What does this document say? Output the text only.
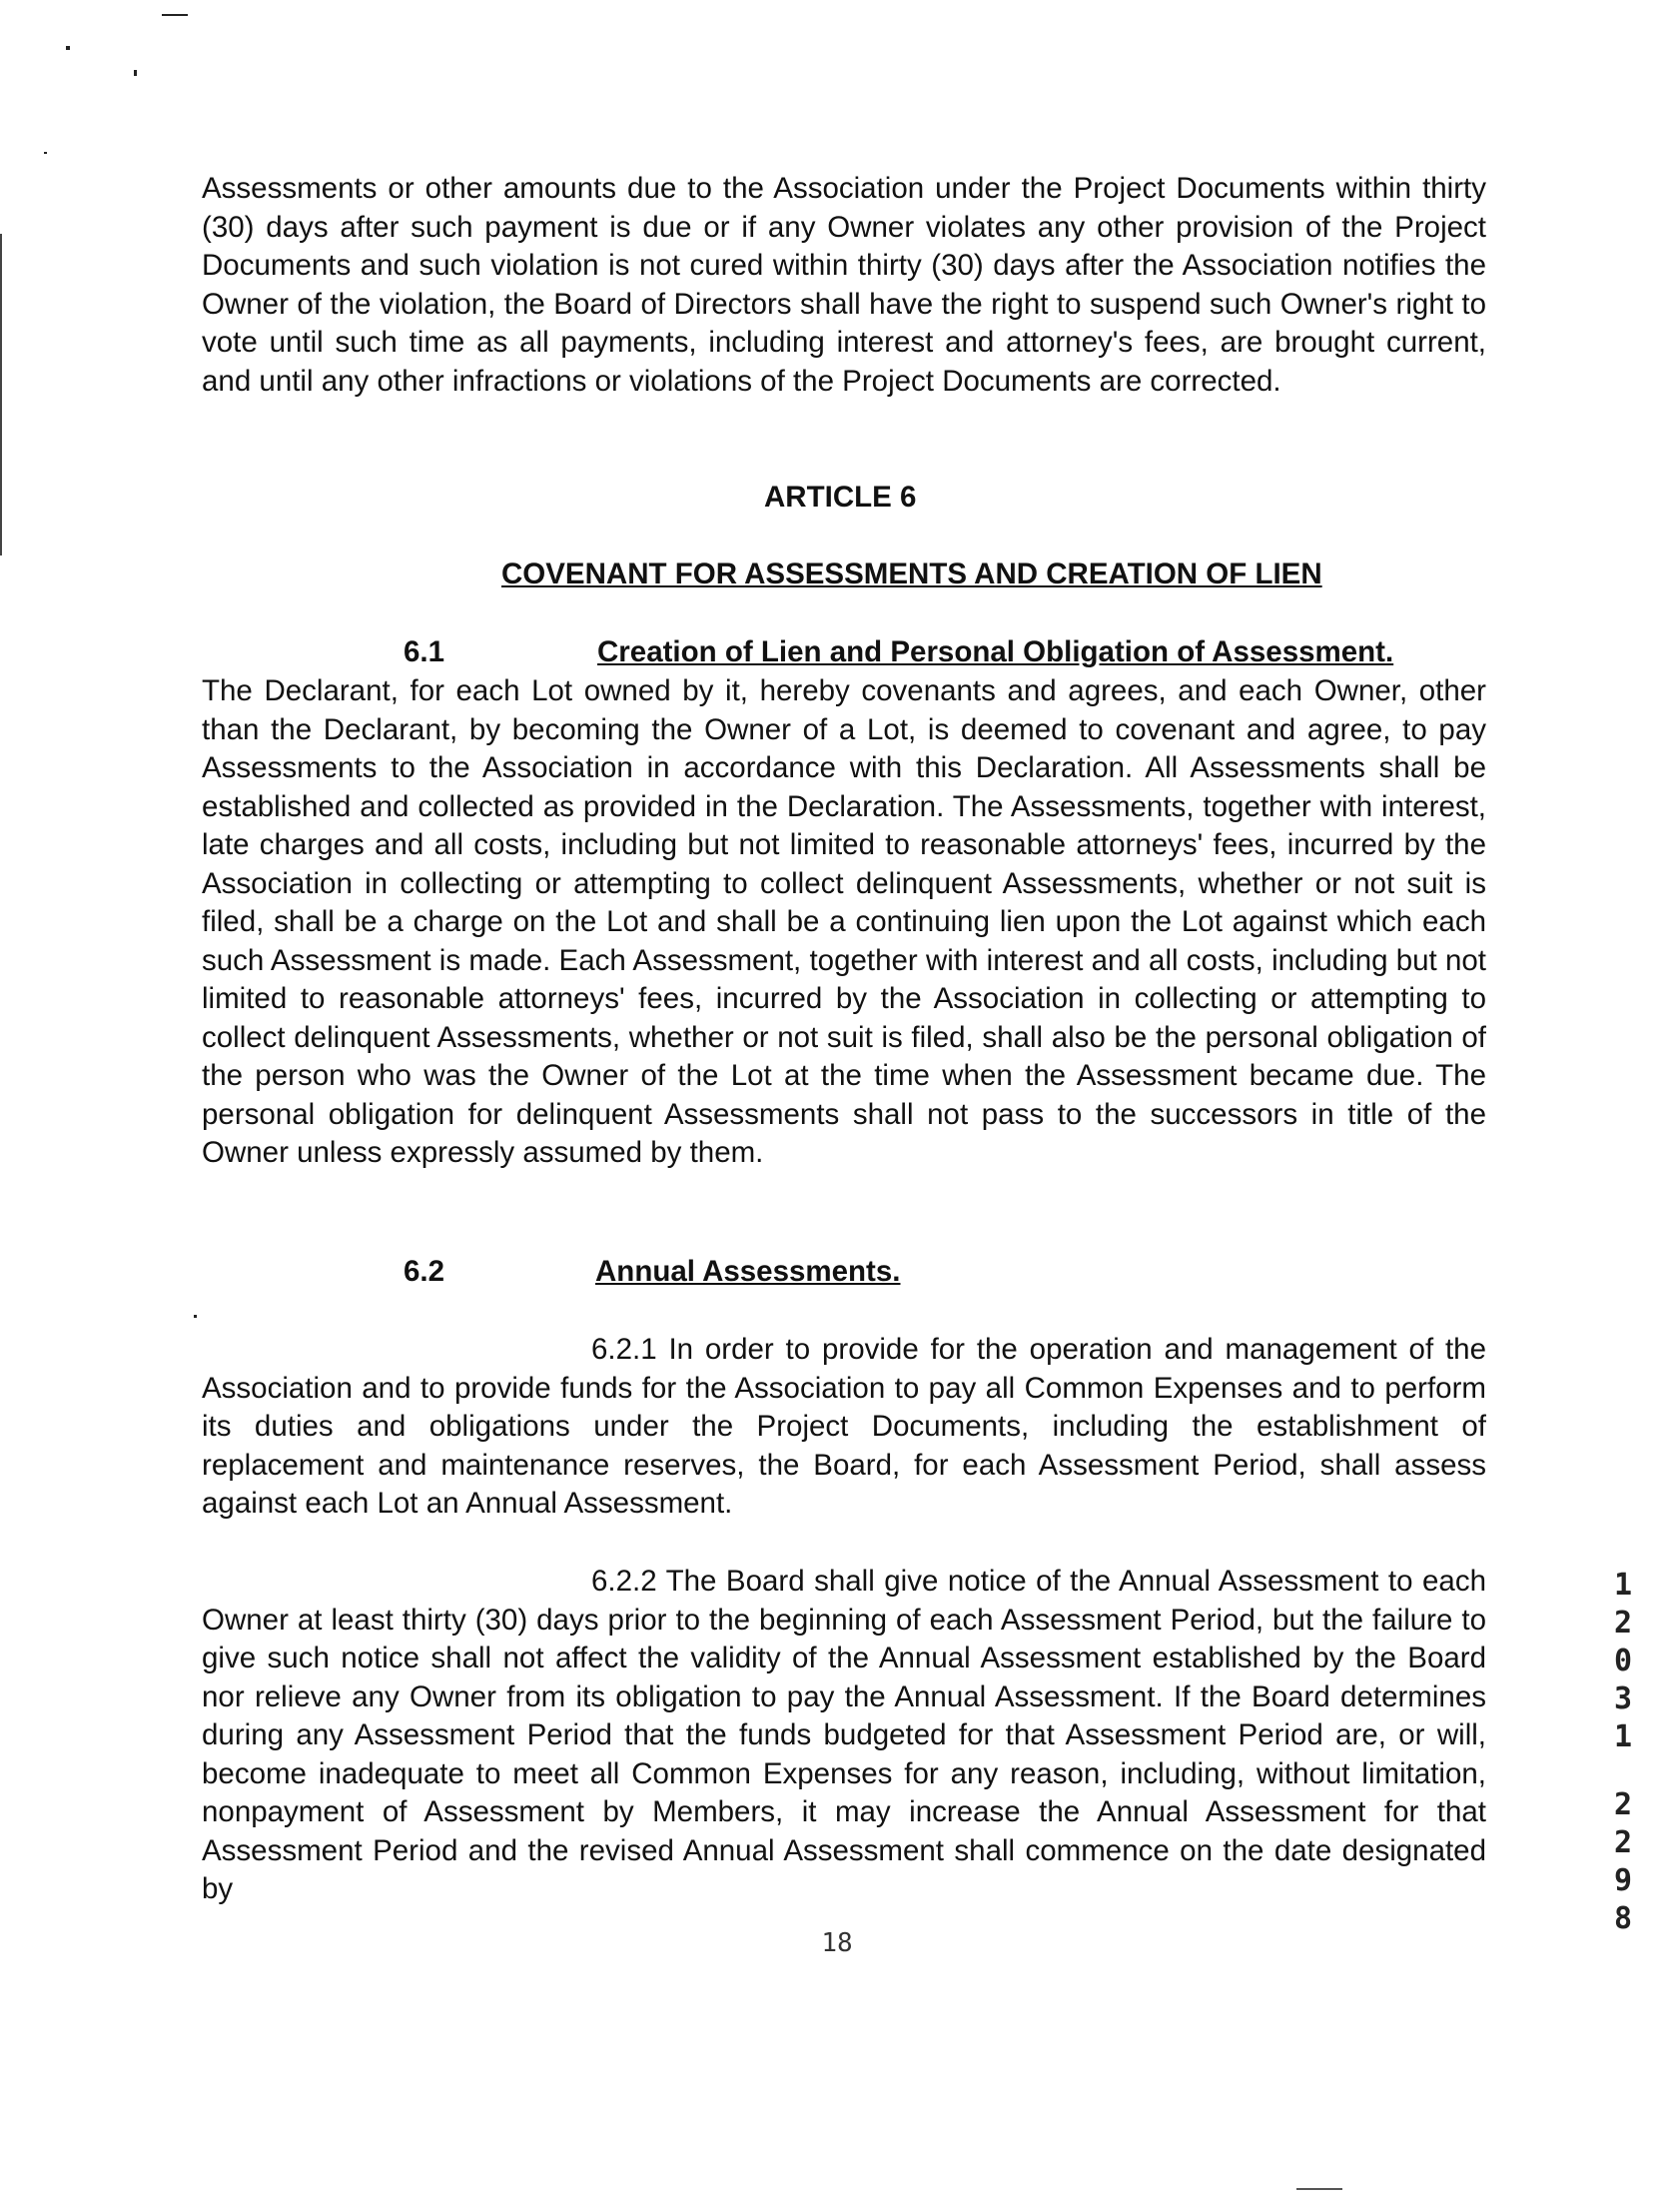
Assessments or other amounts due to the Association under the Project Documents within thirty (30) days after such payment is due or if any Owner violates any other provision of the Project Documents and such violation is not cured within thirty (30) days after the Association notifies the Owner of the violation, the Board of Directors shall have the right to suspend such Owner's right to vote until such time as all payments, including interest and attorney's fees, are brought current, and until any other infractions or violations of the Project Documents are corrected.

ARTICLE 6
COVENANT FOR ASSESSMENTS AND CREATION OF LIEN
6.1	Creation of Lien and Personal Obligation of Assessment.

The Declarant, for each Lot owned by it, hereby covenants and agrees, and each Owner, other than the Declarant, by becoming the Owner of a Lot, is deemed to covenant and agree, to pay Assessments to the Association in accordance with this Declaration. All Assessments shall be established and collected as provided in the Declaration. The Assessments, together with interest, late charges and all costs, including but not limited to reasonable attorneys' fees, incurred by the Association in collecting or attempting to collect delinquent Assessments, whether or not suit is filed, shall be a charge on the Lot and shall be a continuing lien upon the Lot against which each such Assessment is made. Each Assessment, together with interest and all costs, including but not limited to reasonable attorneys' fees, incurred by the Association in collecting or attempting to collect delinquent Assessments, whether or not suit is filed, shall also be the personal obligation of the person who was the Owner of the Lot at the time when the Assessment became due. The personal obligation for delinquent Assessments shall not pass to the successors in title of the Owner unless expressly assumed by them.

6.2	Annual Assessments.

6.2.1 In order to provide for the operation and management of the Association and to provide funds for the Association to pay all Common Expenses and to perform its duties and obligations under the Project Documents, including the establishment of replacement and maintenance reserves, the Board, for each Assessment Period, shall assess against each Lot an Annual Assessment.

6.2.2 The Board shall give notice of the Annual Assessment to each Owner at least thirty (30) days prior to the beginning of each Assessment Period, but the failure to give such notice shall not affect the validity of the Annual Assessment established by the Board nor relieve any Owner from its obligation to pay the Annual Assessment. If the Board determines during any Assessment Period that the funds budgeted for that Assessment Period are, or will, become inadequate to meet all Common Expenses for any reason, including, without limitation, nonpayment of Assessment by Members, it may increase the Annual Assessment for that Assessment Period and the revised Annual Assessment shall commence on the date designated by

18
1
2
0
3
1
2
2
9
8
